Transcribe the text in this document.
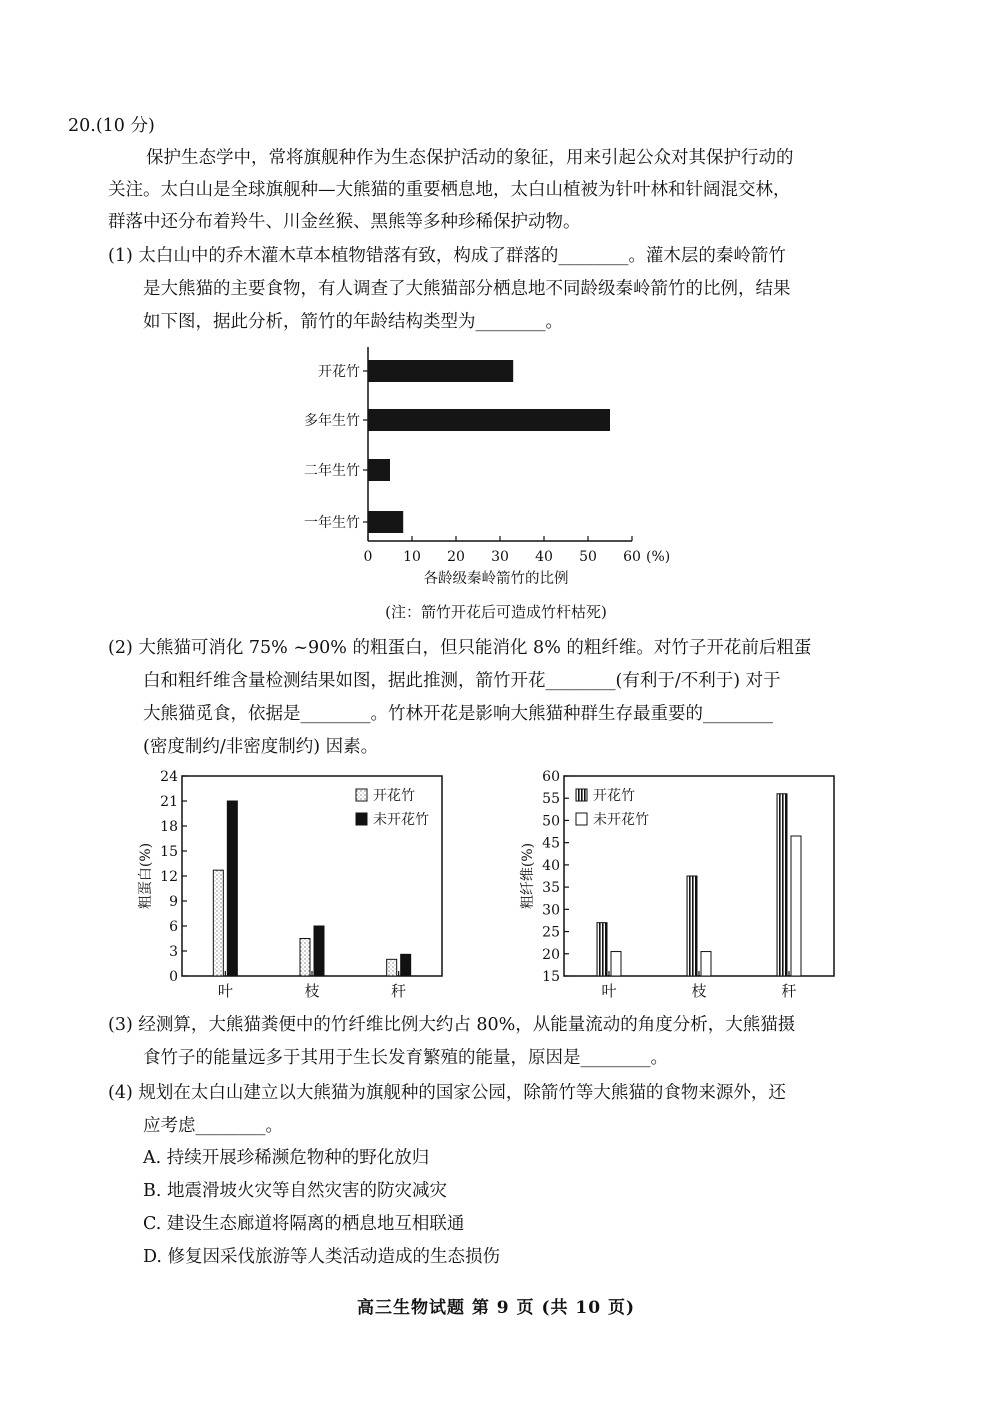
20.(10 分)
保护生态学中，常将旗舰种作为生态保护活动的象征，用来引起公众对其保护行动的
关注。太白山是全球旗舰种—大熊猫的重要栖息地，太白山植被为针叶林和针阔混交林，
群落中还分布着羚牛、川金丝猴、黑熊等多种珍稀保护动物。
(1) 太白山中的乔木灌木草本植物错落有致，构成了群落的________。灌木层的秦岭箭竹
是大熊猫的主要食物，有人调查了大熊猫部分栖息地不同龄级秦岭箭竹的比例，结果
如下图，据此分析，箭竹的年龄结构类型为________。
开花竹
多年生竹
二年生竹
一年生竹
0 10 20 30 40 50 60 (%)
各龄级秦岭箭竹的比例
(注：箭竹开花后可造成竹杆枯死)
(2) 大熊猫可消化 75% ~90% 的粗蛋白，但只能消化 8% 的粗纤维。对竹子开花前后粗蛋
白和粗纤维含量检测结果如图，据此推测，箭竹开花________(有利于/不利于) 对于
大熊猫觅食，依据是________。竹林开花是影响大熊猫种群生存最重要的________
(密度制约/非密度制约) 因素。
0
3
6
9
12
15
18
21
24
粗蛋白(%)
叶	枝	秆
开花竹
未开花竹
15
20
25
30
35
40
45
50
55
60
粗纤维(%)
叶	枝	秆
开花竹
未开花竹
(3) 经测算，大熊猫粪便中的竹纤维比例大约占 80%，从能量流动的角度分析，大熊猫摄
食竹子的能量远多于其用于生长发育繁殖的能量，原因是________。
(4) 规划在太白山建立以大熊猫为旗舰种的国家公园，除箭竹等大熊猫的食物来源外，还
应考虑________。
A. 持续开展珍稀濒危物种的野化放归
B. 地震滑坡火灾等自然灾害的防灾减灾
C. 建设生态廊道将隔离的栖息地互相联通
D. 修复因采伐旅游等人类活动造成的生态损伤
高三生物试题 第 9 页 (共 10 页)
